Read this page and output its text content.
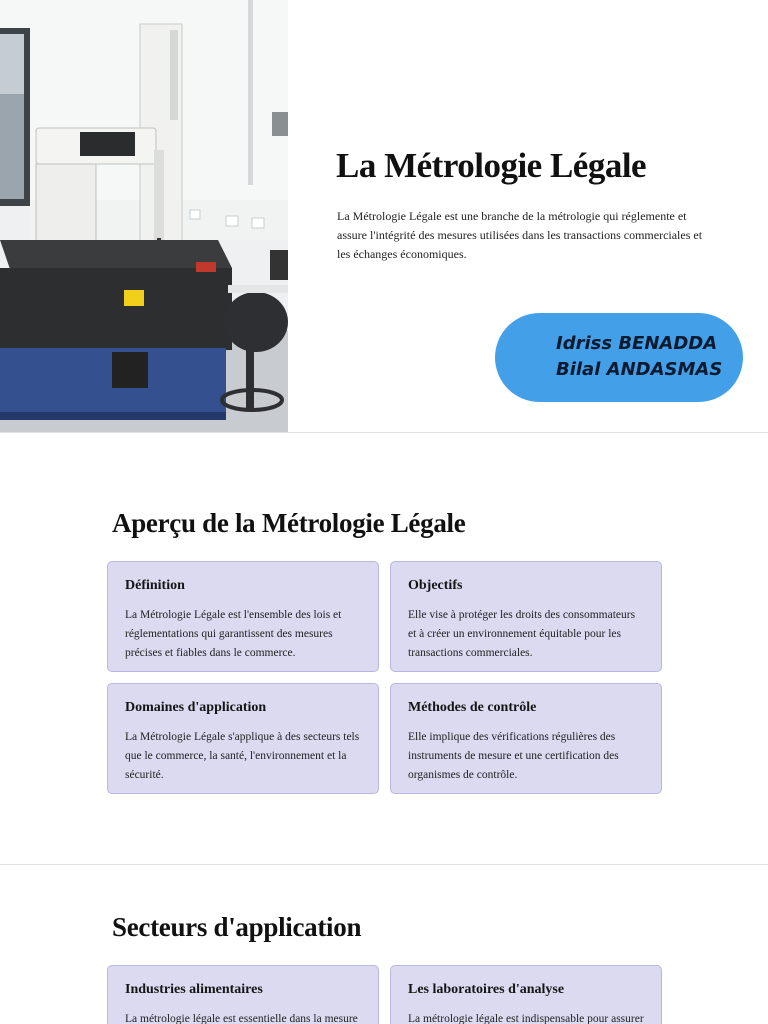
La Métrologie Légale

La Métrologie Légale est une branche de la métrologie qui réglemente et assure l'intégrité des mesures utilisées dans les transactions commerciales et les échanges économiques.

Idriss BENADDA
Bilal ANDASMAS
Aperçu de la Métrologie Légale
Définition

La Métrologie Légale est l'ensemble des lois et réglementations qui garantissent des mesures précises et fiables dans le commerce.

Objectifs

Elle vise à protéger les droits des consommateurs et à créer un environnement équitable pour les transactions commerciales.

Domaines d'application

La Métrologie Légale s'applique à des secteurs tels que le commerce, la santé, l'environnement et la sécurité.

Méthodes de contrôle

Elle implique des vérifications régulières des instruments de mesure et une certification des organismes de contrôle.

Secteurs d'application
Industries alimentaires

La métrologie légale est essentielle dans la mesure

Les laboratoires d'analyse

La métrologie légale est indispensable pour assurer
